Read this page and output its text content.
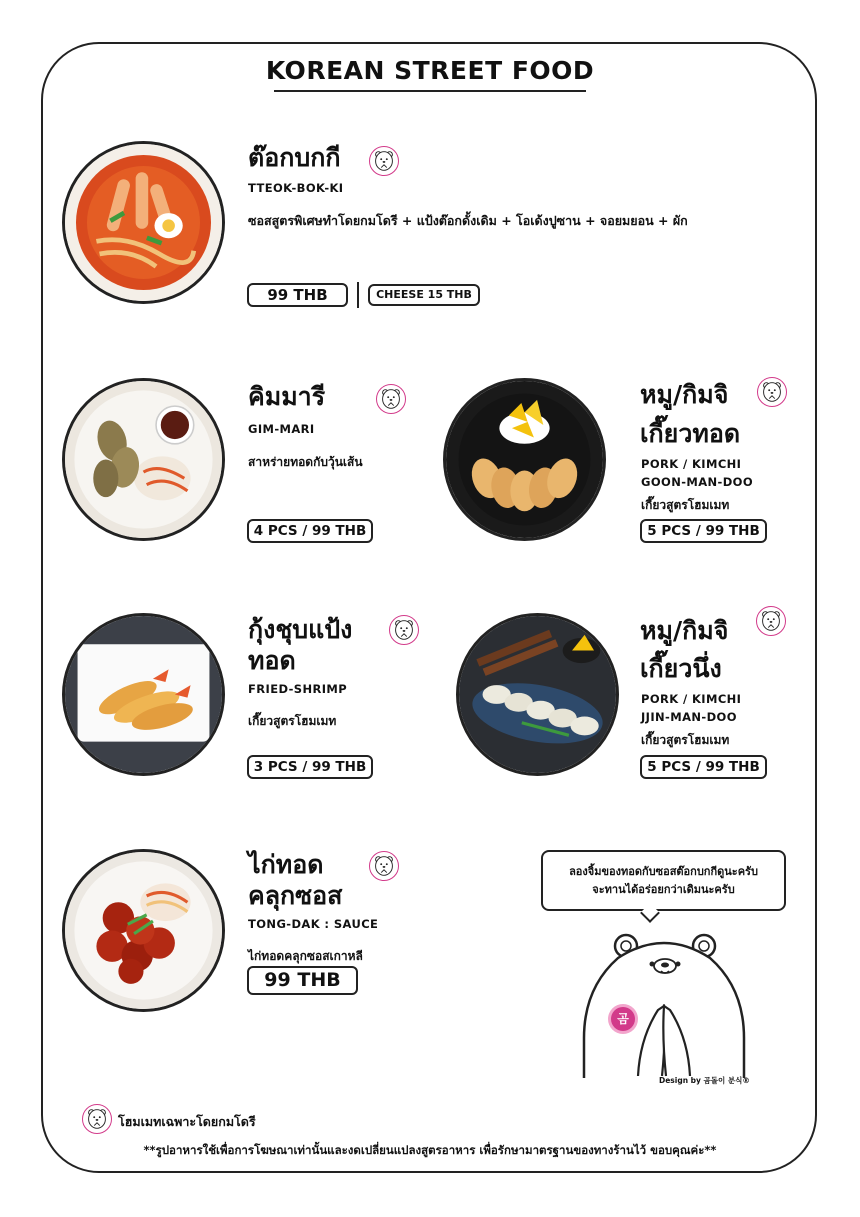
KOREAN STREET FOOD
ต๊อกบกกี
TTEOK-BOK-KI
ซอสสูตรพิเศษทำโดยกมโดรี + แป้งต๊อกดั้งเดิม + โอเด้งปูซาน + จอยมยอน + ผัก
99 THB	CHEESE 15 THB
คิมมารี
GIM-MARI
สาหร่ายทอดกับวุ้นเส้น
4 PCS / 99 THB
หมู/กิมจิ
เกี๊ยวทอด
PORK / KIMCHI
GOON-MAN-DOO
เกี๊ยวสูตรโฮมเมท
5 PCS / 99 THB
กุ้งชุบแป้ง
ทอด
FRIED-SHRIMP
เกี๊ยวสูตรโฮมเมท
3 PCS / 99 THB
หมู/กิมจิ
เกี๊ยวนึ่ง
PORK / KIMCHI
JJIN-MAN-DOO
เกี๊ยวสูตรโฮมเมท
5 PCS / 99 THB
ไก่ทอด
คลุกซอส
TONG-DAK : SAUCE
ไก่ทอดคลุกซอสเกาหลี
99 THB
ลองจิ้มของทอดกับซอสต๊อกบกกีดูนะครับ
จะทานได้อร่อยกว่าเดิมนะครับ
곰
Design by 곰돌이 분식®
โฮมเมทเฉพาะโดยกมโดรี
**รูปอาหารใช้เพื่อการโฆษณาเท่านั้นและงดเปลี่ยนแปลงสูตรอาหาร เพื่อรักษามาตรฐานของทางร้านไว้ ขอบคุณค่ะ**
